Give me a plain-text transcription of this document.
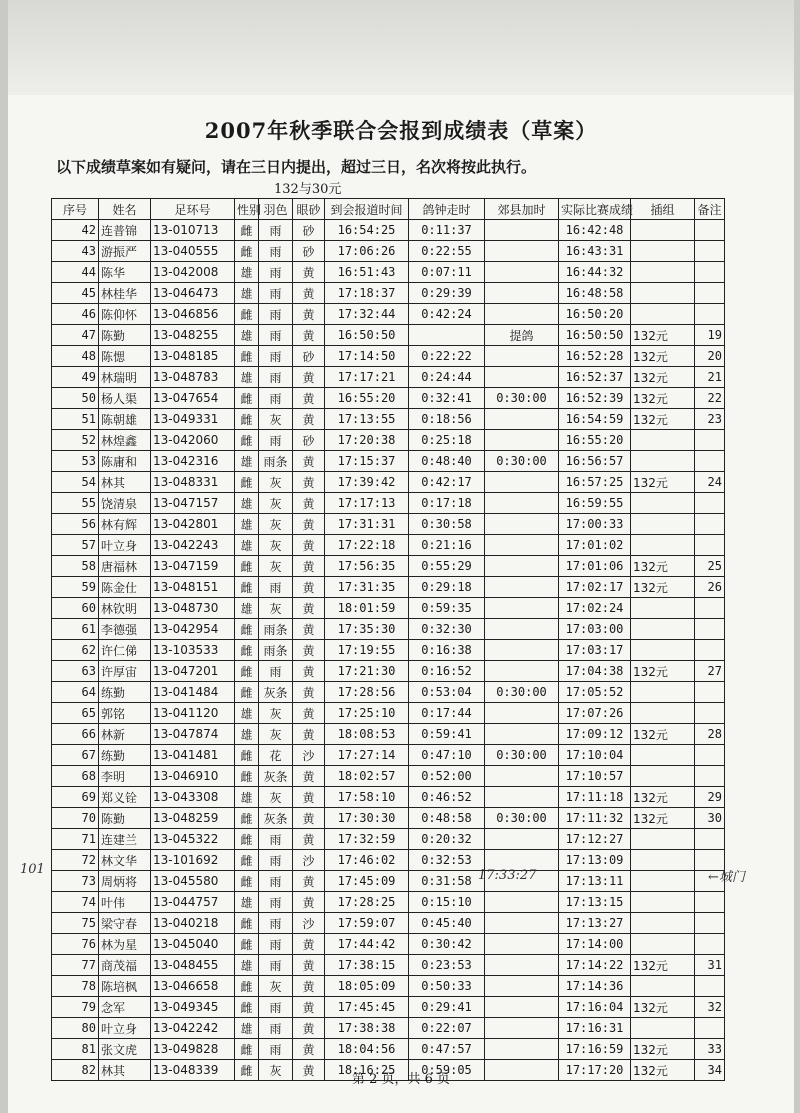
2007年秋季联合会报到成绩表（草案）
以下成绩草案如有疑问，请在三日内提出，超过三日，名次将按此执行。
132与30元
序号	姓名	足环号	性别	羽色	眼砂	到会报道时间	鸽钟走时	郊县加时	实际比赛成绩	插组	备注
42	连普锦	13-010713	雌	雨	砂	16:54:25	0:11:37		16:42:48		
43	游振严	13-040555	雌	雨	砂	17:06:26	0:22:55		16:43:31		
44	陈华	13-042008	雄	雨	黄	16:51:43	0:07:11		16:44:32		
45	林桂华	13-046473	雄	雨	黄	17:18:37	0:29:39		16:48:58		
46	陈仰怀	13-046856	雌	雨	黄	17:32:44	0:42:24		16:50:20		
47	陈勤	13-048255	雄	雨	黄	16:50:50		提鸽	16:50:50	132元	19
48	陈愢	13-048185	雌	雨	砂	17:14:50	0:22:22		16:52:28	132元	20
49	林瑞明	13-048783	雄	雨	黄	17:17:21	0:24:44		16:52:37	132元	21
50	杨人渠	13-047654	雌	雨	黄	16:55:20	0:32:41	0:30:00	16:52:39	132元	22
51	陈朝雄	13-049331	雌	灰	黄	17:13:55	0:18:56		16:54:59	132元	23
52	林煌鑫	13-042060	雌	雨	砂	17:20:38	0:25:18		16:55:20		
53	陈庸和	13-042316	雄	雨条	黄	17:15:37	0:48:40	0:30:00	16:56:57		
54	林其	13-048331	雌	灰	黄	17:39:42	0:42:17		16:57:25	132元	24
55	饶清泉	13-047157	雄	灰	黄	17:17:13	0:17:18		16:59:55		
56	林有辉	13-042801	雄	灰	黄	17:31:31	0:30:58		17:00:33		
57	叶立身	13-042243	雄	灰	黄	17:22:18	0:21:16		17:01:02		
58	唐福林	13-047159	雌	灰	黄	17:56:35	0:55:29		17:01:06	132元	25
59	陈金仕	13-048151	雌	雨	黄	17:31:35	0:29:18		17:02:17	132元	26
60	林钦明	13-048730	雄	灰	黄	18:01:59	0:59:35		17:02:24		
61	李德强	13-042954	雌	雨条	黄	17:35:30	0:32:30		17:03:00		
62	许仁俤	13-103533	雌	雨条	黄	17:19:55	0:16:38		17:03:17		
63	许厚宙	13-047201	雌	雨	黄	17:21:30	0:16:52		17:04:38	132元	27
64	练勤	13-041484	雌	灰条	黄	17:28:56	0:53:04	0:30:00	17:05:52		
65	郭铭	13-041120	雄	灰	黄	17:25:10	0:17:44		17:07:26		
66	林新	13-047874	雄	灰	黄	18:08:53	0:59:41		17:09:12	132元	28
67	练勤	13-041481	雌	花	沙	17:27:14	0:47:10	0:30:00	17:10:04		
68	李明	13-046910	雌	灰条	黄	18:02:57	0:52:00		17:10:57		
69	郑义铨	13-043308	雄	灰	黄	17:58:10	0:46:52		17:11:18	132元	29
70	陈勤	13-048259	雌	灰条	黄	17:30:30	0:48:58	0:30:00	17:11:32	132元	30
71	连建兰	13-045322	雌	雨	黄	17:32:59	0:20:32		17:12:27		
72	林文华	13-101692	雌	雨	沙	17:46:02	0:32:53		17:13:09		
73	周炳将	13-045580	雌	雨	黄	17:45:09	0:31:58		17:13:11		
74	叶伟	13-044757	雄	雨	黄	17:28:25	0:15:10		17:13:15		
75	梁守春	13-040218	雌	雨	沙	17:59:07	0:45:40		17:13:27		
76	林为星	13-045040	雌	雨	黄	17:44:42	0:30:42		17:14:00		
77	商茂福	13-048455	雄	雨	黄	17:38:15	0:23:53		17:14:22	132元	31
78	陈培枫	13-046658	雌	灰	黄	18:05:09	0:50:33		17:14:36		
79	念军	13-049345	雌	雨	黄	17:45:45	0:29:41		17:16:04	132元	32
80	叶立身	13-042242	雄	雨	黄	17:38:38	0:22:07		17:16:31		
81	张文虎	13-049828	雌	雨	黄	18:04:56	0:47:57		17:16:59	132元	33
82	林其	13-048339	雌	灰	黄	18:16:25	0:59:05		17:17:20	132元	34
101	17:33:27	←城门
第 2 页，共 6 页
